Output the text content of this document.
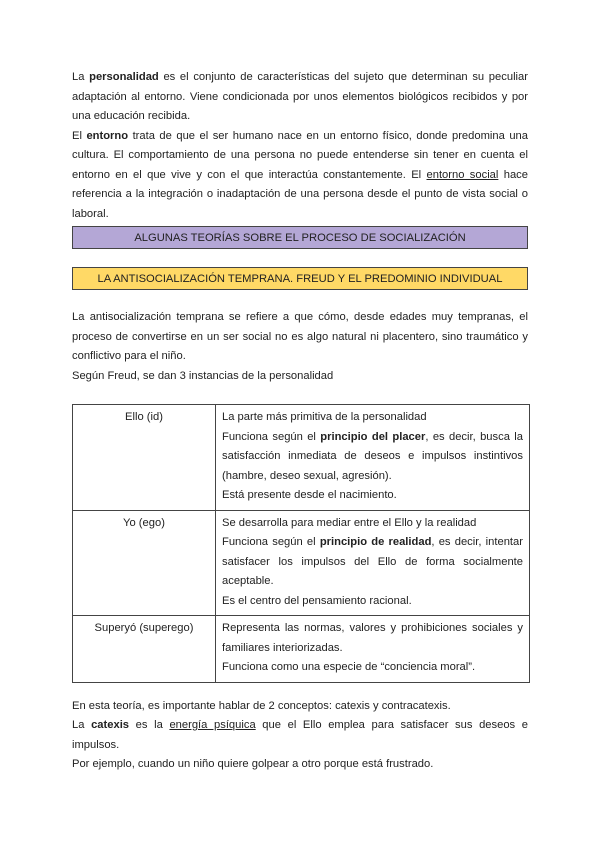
La personalidad es el conjunto de características del sujeto que determinan su peculiar adaptación al entorno. Viene condicionada por unos elementos biológicos recibidos y por una educación recibida.

El entorno trata de que el ser humano nace en un entorno físico, donde predomina una cultura. El comportamiento de una persona no puede entenderse sin tener en cuenta el entorno en el que vive y con el que interactúa constantemente. El entorno social hace referencia a la integración o inadaptación de una persona desde el punto de vista social o laboral.

ALGUNAS TEORÍAS SOBRE EL PROCESO DE SOCIALIZACIÓN
LA ANTISOCIALIZACIÓN TEMPRANA. FREUD Y EL PREDOMINIO INDIVIDUAL

La antisocialización temprana se refiere a que cómo, desde edades muy tempranas, el proceso de convertirse en un ser social no es algo natural ni placentero, sino traumático y conflictivo para el niño.

Según Freud, se dan 3 instancias de la personalidad

Ello (id)	La parte más primitiva de la personalidad
Funciona según el principio del placer, es decir, busca la satisfacción inmediata de deseos e impulsos instintivos (hambre, deseo sexual, agresión).
Está presente desde el nacimiento.

Yo (ego)	Se desarrolla para mediar entre el Ello y la realidad
Funciona según el principio de realidad, es decir, intentar satisfacer los impulsos del Ello de forma socialmente aceptable.
Es el centro del pensamiento racional.

Superyó (superego)	Representa las normas, valores y prohibiciones sociales y familiares interiorizadas.
Funciona como una especie de “conciencia moral”.

En esta teoría, es importante hablar de 2 conceptos: catexis y contracatexis.

La catexis es la energía psíquica que el Ello emplea para satisfacer sus deseos e impulsos.

Por ejemplo, cuando un niño quiere golpear a otro porque está frustrado.
